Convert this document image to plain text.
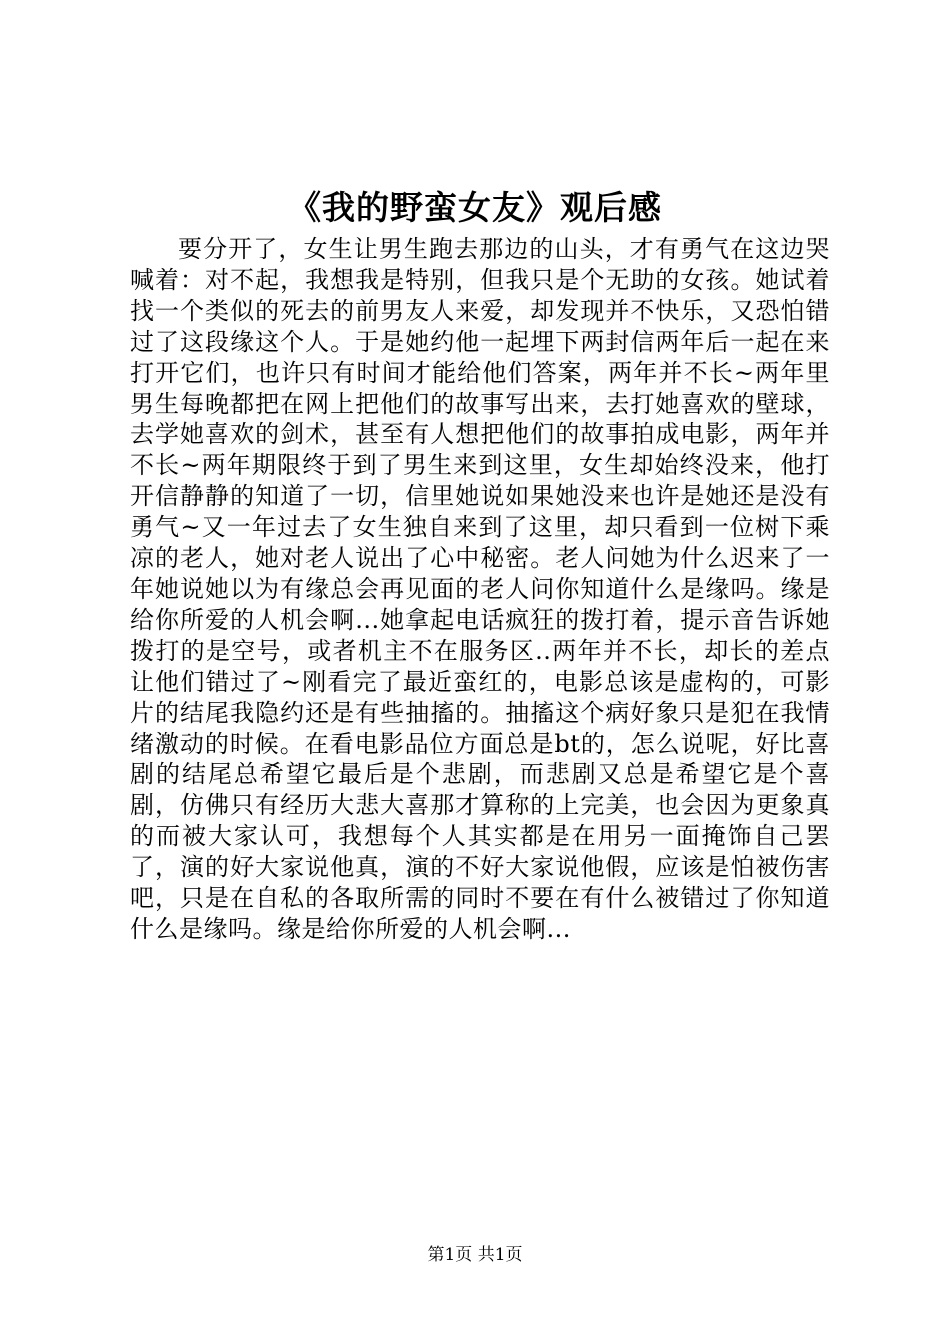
《我的野蛮女友》观后感

要分开了，女生让男生跑去那边的山头，才有勇气在这边哭喊着：对不起，我想我是特别，但我只是个无助的女孩。她试着找一个类似的死去的前男友人来爱，却发现并不快乐，又恐怕错过了这段缘这个人。于是她约他一起埋下两封信两年后一起在来打开它们，也许只有时间才能给他们答案，两年并不长~两年里男生每晚都把在网上把他们的故事写出来，去打她喜欢的壁球，去学她喜欢的剑术，甚至有人想把他们的故事拍成电影，两年并不长~两年期限终于到了男生来到这里，女生却始终没来，他打开信静静的知道了一切，信里她说如果她没来也许是她还是没有勇气~又一年过去了女生独自来到了这里，却只看到一位树下乘凉的老人，她对老人说出了心中秘密。老人问她为什么迟来了一年她说她以为有缘总会再见面的老人问你知道什么是缘吗。缘是给你所爱的人机会啊...她拿起电话疯狂的拨打着，提示音告诉她拨打的是空号，或者机主不在服务区..两年并不长，却长的差点让他们错过了~刚看完了最近蛮红的，电影总该是虚构的，可影片的结尾我隐约还是有些抽搐的。抽搐这个病好象只是犯在我情绪激动的时候。在看电影品位方面总是bt的，怎么说呢，好比喜剧的结尾总希望它最后是个悲剧，而悲剧又总是希望它是个喜剧，仿佛只有经历大悲大喜那才算称的上完美，也会因为更象真的而被大家认可，我想每个人其实都是在用另一面掩饰自己罢了，演的好大家说他真，演的不好大家说他假，应该是怕被伤害吧，只是在自私的各取所需的同时不要在有什么被错过了你知道什么是缘吗。缘是给你所爱的人机会啊...

第1页 共1页
